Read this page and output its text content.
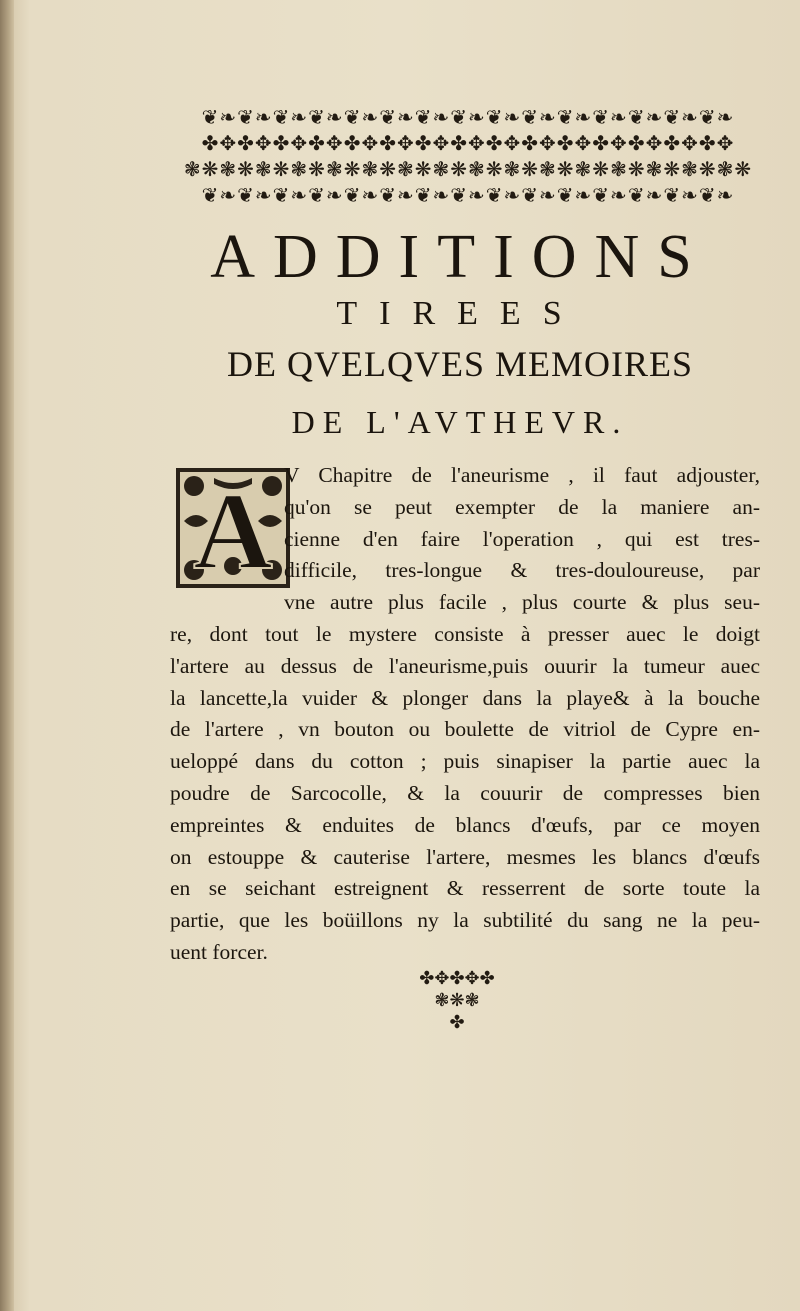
❦❧❦❧❦❧❦❧❦❧❦❧❦❧❦❧❦❧❦❧❦❧❦❧❦❧❦❧❦❧
✤✥✤✥✤✥✤✥✤✥✤✥✤✥✤✥✤✥✤✥✤✥✤✥✤✥✤✥✤✥
❃❋❃❋❃❋❃❋❃❋❃❋❃❋❃❋❃❋❃❋❃❋❃❋❃❋❃❋❃❋❃❋
❦❧❦❧❦❧❦❧❦❧❦❧❦❧❦❧❦❧❦❧❦❧❦❧❦❧❦❧❦❧
ADDITIONS
TIREES
DE QVELQVES MEMOIRES
DE L'AVTHEVR.
A V Chapitre de l'aneurisme , il faut adjouster,
qu'on se peut exempter de la maniere an-
cienne d'en faire l'operation , qui est tres-
difficile, tres-longue & tres-douloureuse, par
vne autre plus facile , plus courte & plus seu-
re, dont tout le mystere consiste à presser auec le doigt
l'artere au dessus de l'aneurisme,puis ouurir la tumeur auec
la lancette,la vuider & plonger dans la playe& à la bouche
de l'artere , vn bouton ou boulette de vitriol de Cypre en-
ueloppé dans du cotton ; puis sinapiser la partie auec la
poudre de Sarcocolle, & la couurir de compresses bien
empreintes & enduites de blancs d'œufs, par ce moyen
on estouppe & cauterise l'artere, mesmes les blancs d'œufs
en se seichant estreignent & resserrent de sorte toute la
partie, que les boüillons ny la subtilité du sang ne la peu-
uent forcer.
✤✥✤✥✤
❃❋❃
✤
